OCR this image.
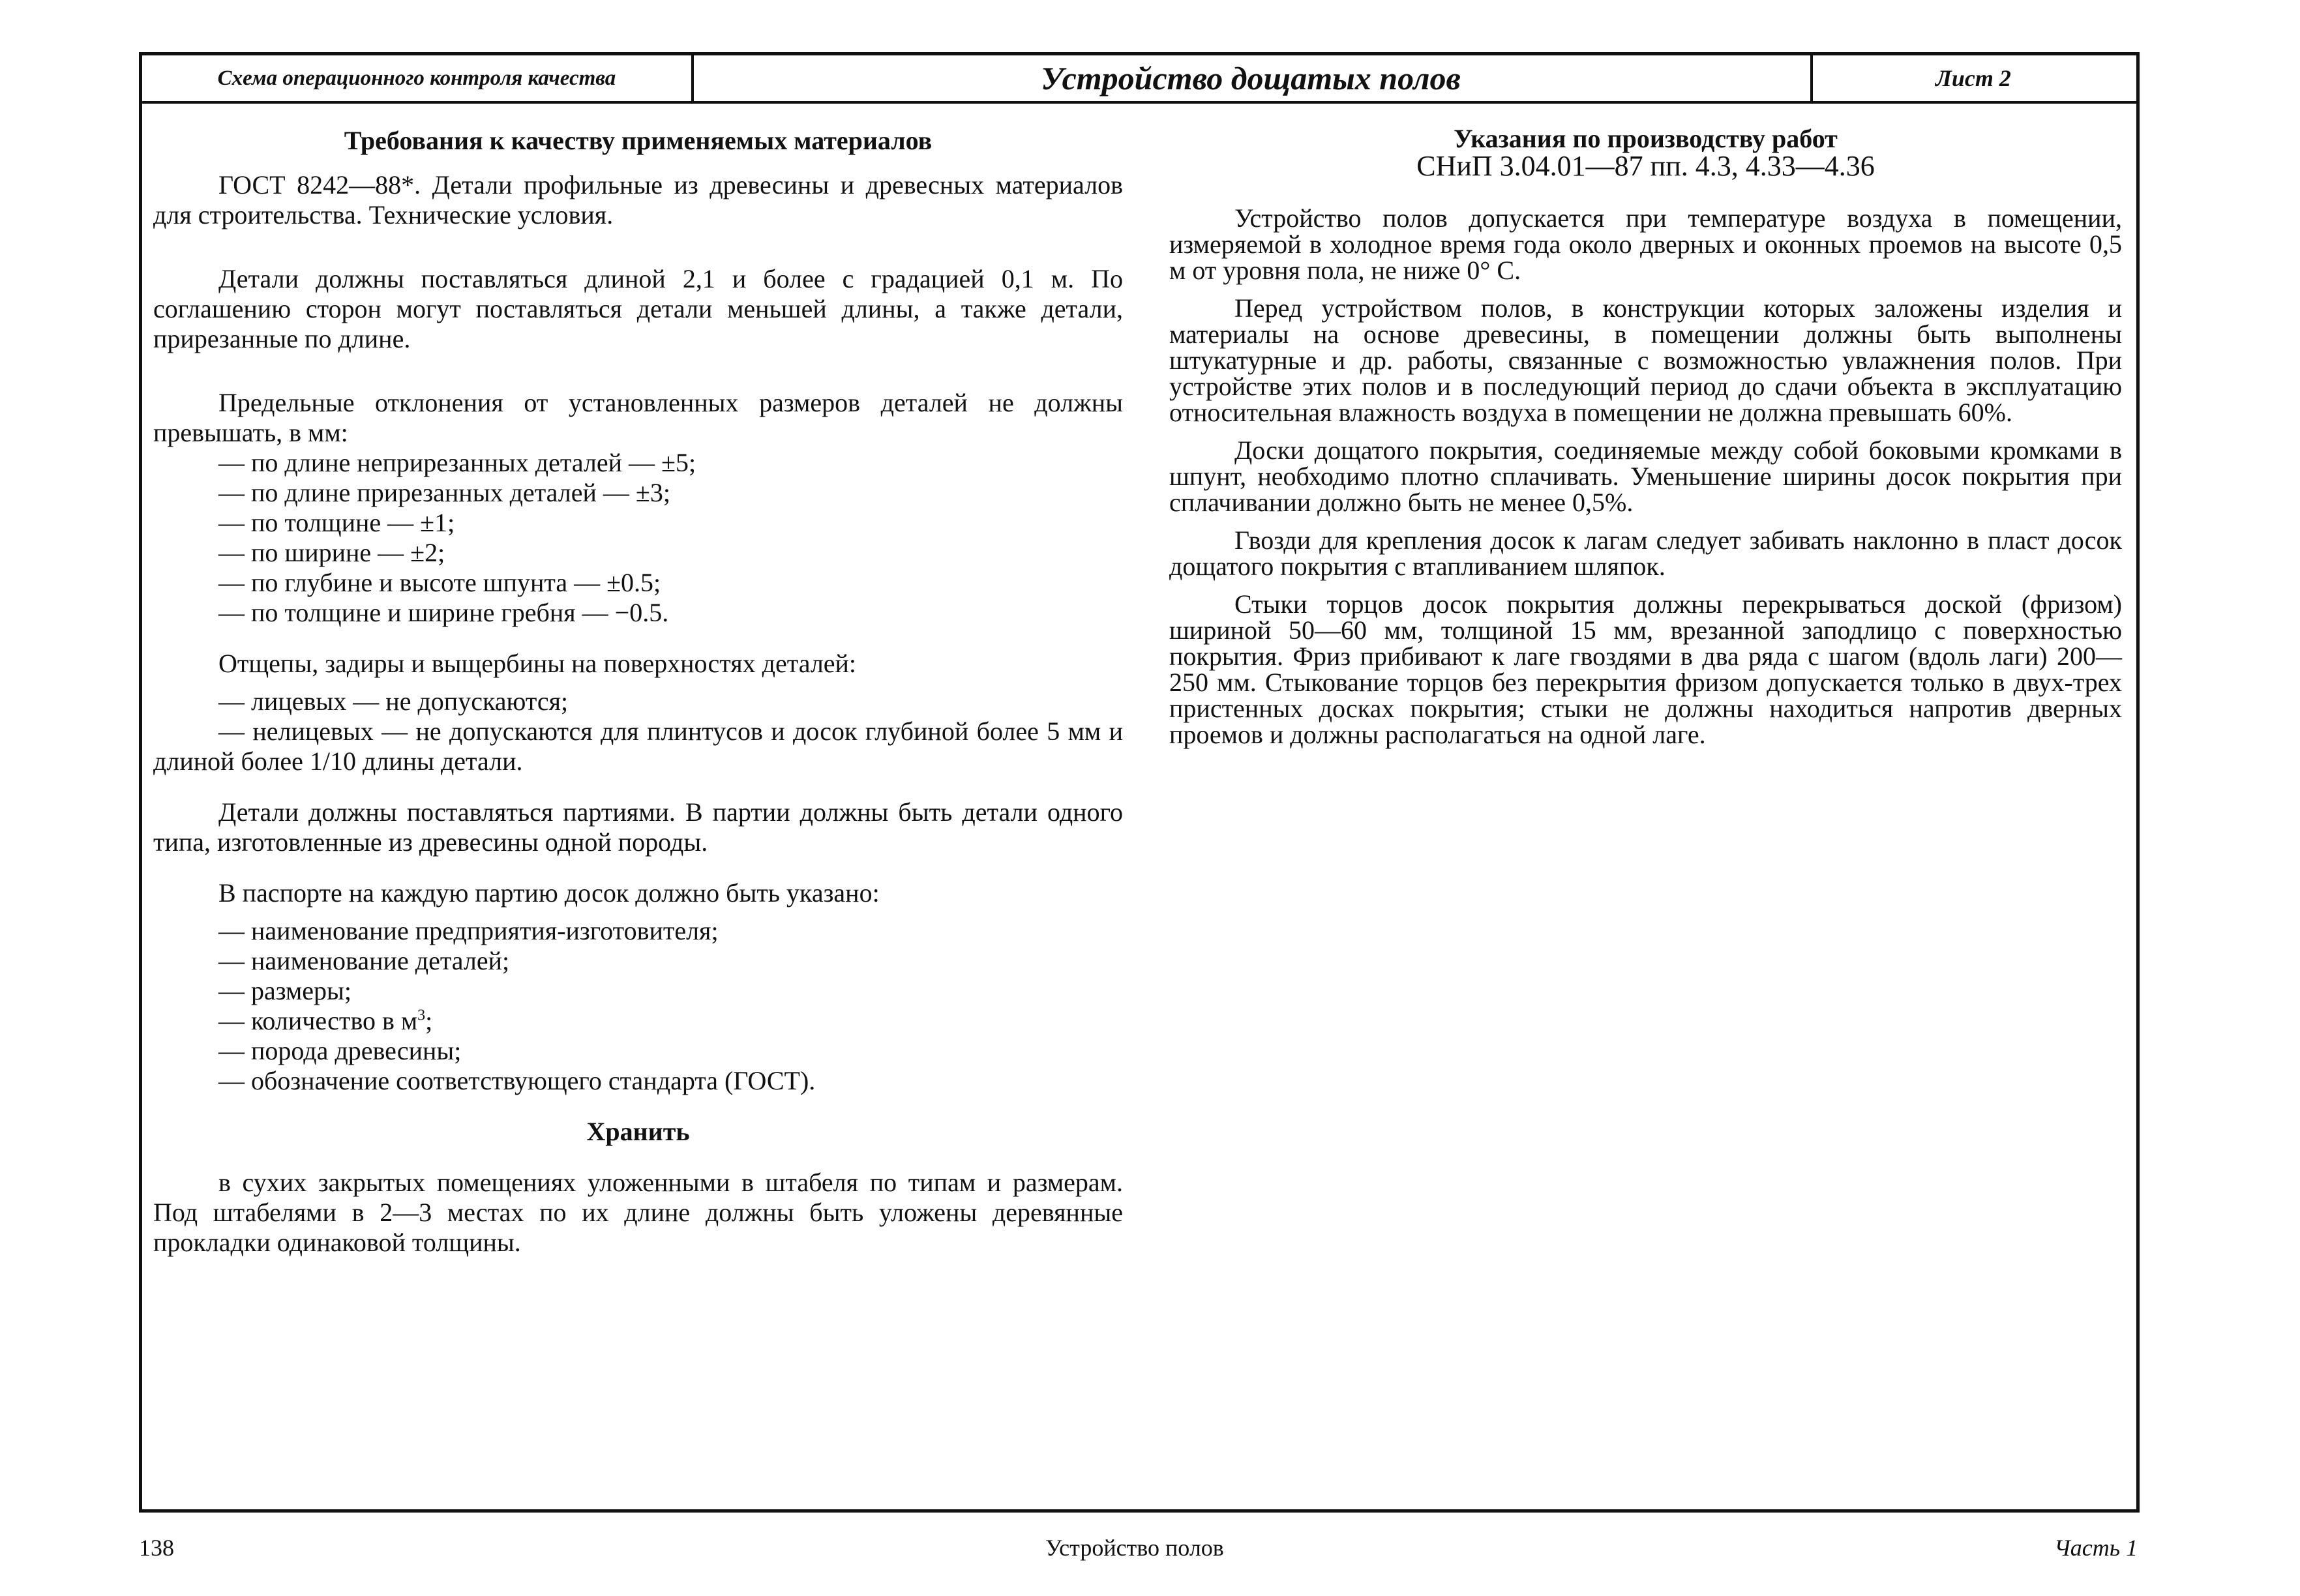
Схема операционного контроля качества	Устройство дощатых полов	Лист 2
Требования к качеству применяемых материалов

ГОСТ 8242—88*. Детали профильные из древесины и древесных материалов для строительства. Технические условия.

Детали должны поставляться длиной 2,1 и более с градацией 0,1 м. По соглашению сторон могут поставляться детали меньшей длины, а также детали, прирезанные по длине.

Предельные отклонения от установленных размеров деталей не должны превышать, в мм:

— по длине неприрезанных деталей — ±5;
— по длине прирезанных деталей — ±3;
— по толщине — ±1;
— по ширине — ±2;
— по глубине и высоте шпунта — ±0.5;
— по толщине и ширине гребня — −0.5.

Отщепы, задиры и выщербины на поверхностях деталей:

— лицевых — не допускаются;

— нелицевых — не допускаются для плинтусов и досок глубиной более 5 мм и длиной более 1/10 длины детали.

Детали должны поставляться партиями. В партии должны быть детали одного типа, изготовленные из древесины одной породы.

В паспорте на каждую партию досок должно быть указано:

— наименование предприятия-изготовителя;
— наименование деталей;
— размеры;
— количество в $м^3$;
— порода древесины;
— обозначение соответствующего стандарта (ГОСТ).
Хранить

в сухих закрытых помещениях уложенными в штабеля по типам и размерам. Под штабелями в 2—3 местах по их длине должны быть уложены деревянные прокладки одинаковой толщины.

Указания по производству работ
СНиП 3.04.01—87 пп. 4.3, 4.33—4.36

Устройство полов допускается при температуре воздуха в помещении, измеряемой в холодное время года около дверных и оконных проемов на высоте 0,5 м от уровня пола, не ниже 0° С.

Перед устройством полов, в конструкции которых заложены изделия и материалы на основе древесины, в помещении должны быть выполнены штукатурные и др. работы, связанные с возможностью увлажнения полов. При устройстве этих полов и в последующий период до сдачи объекта в эксплуатацию относительная влажность воздуха в помещении не должна превышать 60%.

Доски дощатого покрытия, соединяемые между собой боковыми кромками в шпунт, необходимо плотно сплачивать. Уменьшение ширины досок покрытия при сплачивании должно быть не менее 0,5%.

Гвозди для крепления досок к лагам следует забивать наклонно в пласт досок дощатого покрытия с втапливанием шляпок.

Стыки торцов досок покрытия должны перекрываться доской (фризом) шириной 50—60 мм, толщиной 15 мм, врезанной заподлицо с поверхностью покрытия. Фриз прибивают к лаге гвоздями в два ряда с шагом (вдоль лаги) 200—250 мм. Стыкование торцов без перекрытия фризом допускается только в двух-трех пристенных досках покрытия; стыки не должны находиться напротив дверных проемов и должны располагаться на одной лаге.

138	Устройство полов	Часть 1
